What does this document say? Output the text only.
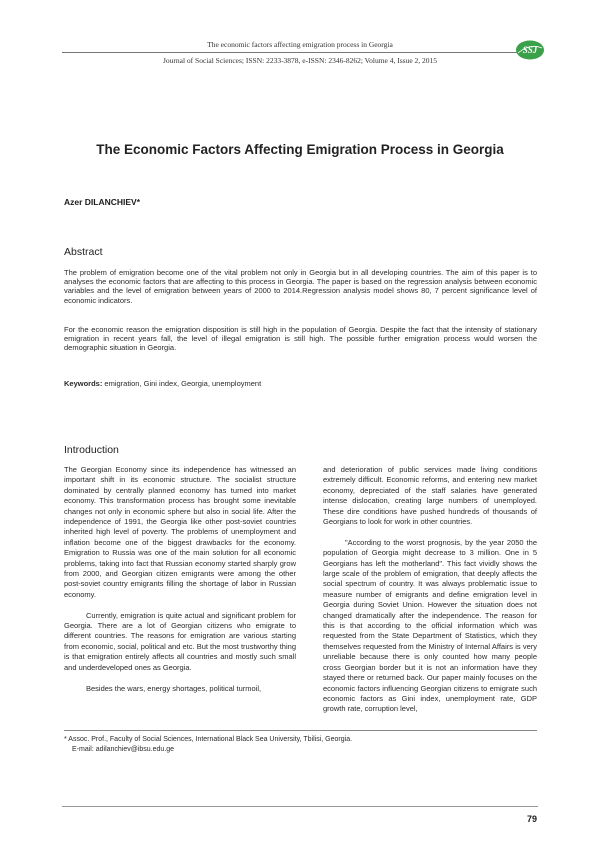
The economic factors affecting emigration process in Georgia
Journal of Social Sciences; ISSN: 2233-3878, e-ISSN: 2346-8262; Volume 4, Issue 2, 2015
SSJ
The Economic Factors Affecting Emigration Process in Georgia
Azer DILANCHIEV*
Abstract
The problem of emigration become one of the vital problem not only in Georgia but in all developing countries. The aim of this paper is to analyses the economic factors that are affecting to this process in Georgia. The paper is based on the regression analysis between economic variables and the level of emigration between years of 2000 to 2014.Regression analysis model shows 80, 7 percent significance level of economic indicators.
For the economic reason the emigration disposition is still high in the population of Georgia. Despite the fact that the intensity of stationary emigration in recent years fall, the level of illegal emigration is still high. The possible further emigration process would worsen the demographic situation in Georgia.
Keywords: emigration, Gini index, Georgia, unemployment
Introduction

The Georgian Economy since its independence has witnessed an important shift in its economic structure. The socialist structure dominated by centrally planned economy has turned into market economy. This transformation process has brought some inevitable changes not only in economic sphere but also in social life. After the independence of 1991, the Georgia like other post-soviet countries inherited high level of poverty. The problems of unemployment and inflation become one of the biggest drawbacks for the economy. Emigration to Russia was one of the main solution for all economic problems, taking into fact that Russian economy started sharply grow from 2000, and Georgian citizen emigrants were among the other post-soviet country emigrants filling the shortage of labor in Russian economy.

Currently, emigration is quite actual and significant problem for Georgia. There are a lot of Georgian citizens who emigrate to different countries. The reasons for emigration are various starting from economic, social, political and etc. But the most trustworthy thing is that emigration entirely affects all countries and mostly such small and underdeveloped ones as Georgia.

Besides the wars, energy shortages, political turmoil,

and deterioration of public services made living conditions extremely difficult. Economic reforms, and entering new market economy, depreciated of the staff salaries have generated intense dislocation, creating large numbers of unemployed. These dire conditions have pushed hundreds of thousands of Georgians to look for work in other countries.

"According to the worst prognosis, by the year 2050 the population of Georgia might decrease to 3 million. One in 5 Georgians has left the motherland". This fact vividly shows the large scale of the problem of emigration, that deeply affects the social spectrum of country. It was always problematic issue to measure number of emigrants and define emigration level in Georgia during Soviet Union. However the situation does not changed dramatically after the independence. The reason for this is that according to the official information which was requested from the State Department of Statistics, which they themselves requested from the Ministry of Internal Affairs is very unreliable because there is only counted how many people cross Georgian border but it is not an information have they stayed there or returned back. Our paper mainly focuses on the economic factors influencing Georgian citizens to emigrate such economic factors as Gini index, unemployment rate, GDP growth rate, corruption level,

* Assoc. Prof., Faculty of Social Sciences, International Black Sea University, Tbilisi, Georgia.
E-mail: adilanchiev@ibsu.edu.ge
79
